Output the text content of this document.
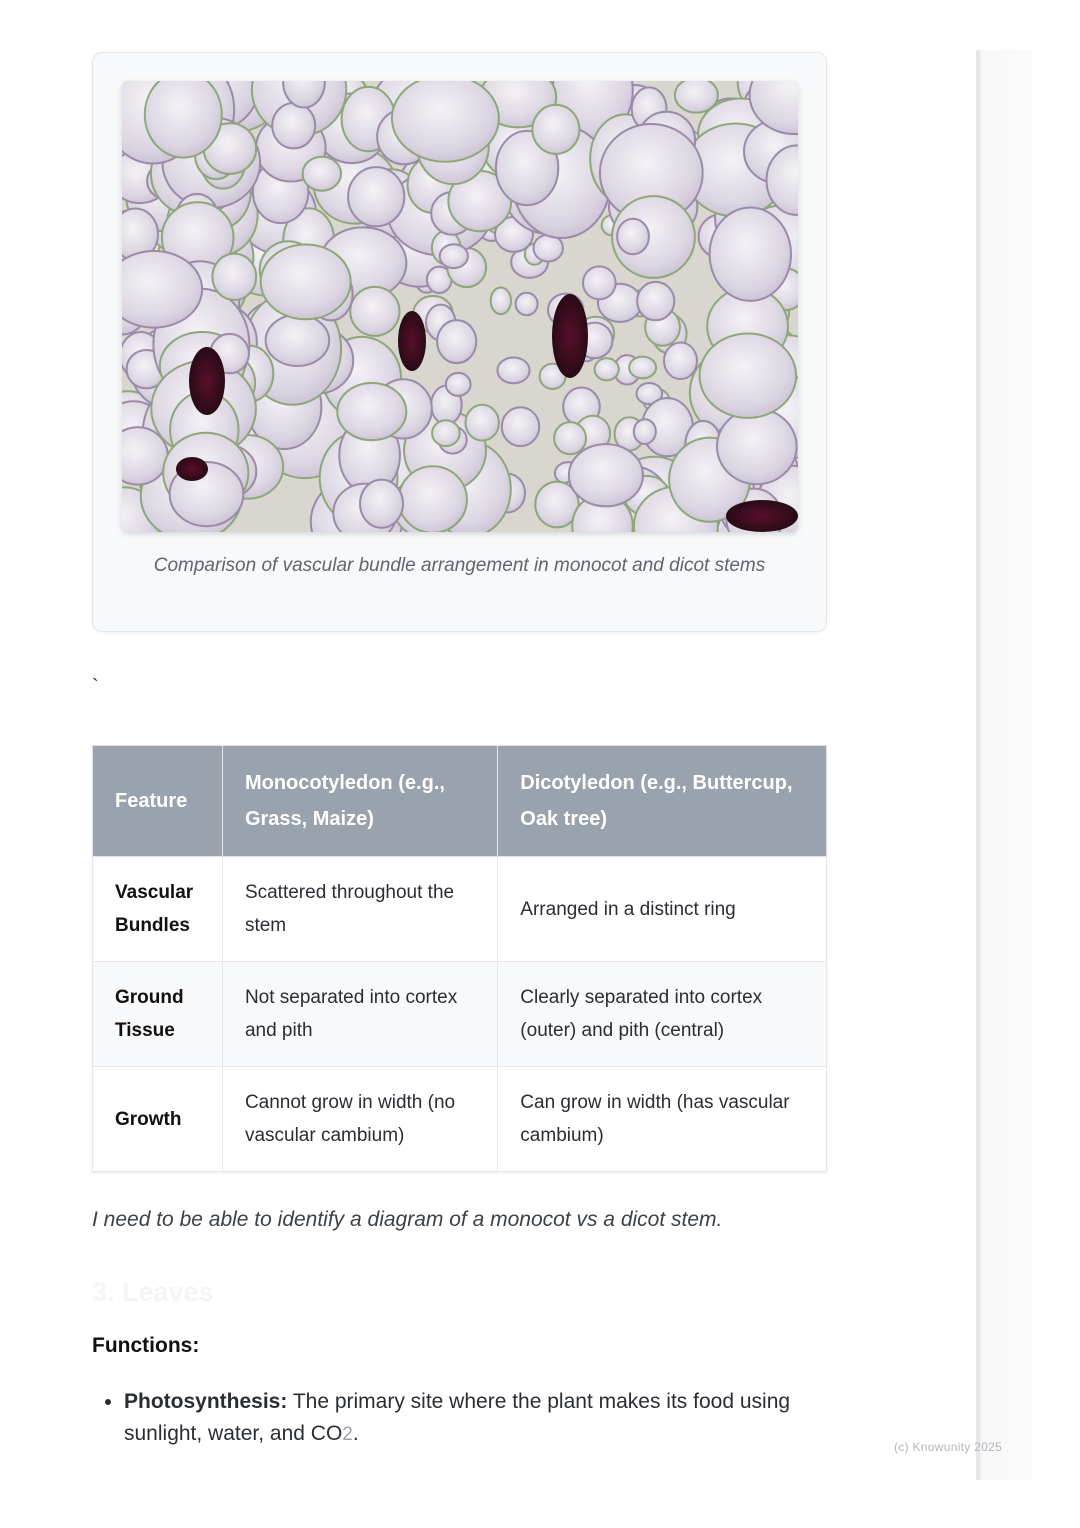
Comparison of vascular bundle arrangement in monocot and dicot stems
`
Feature	Monocotyledon (e.g., Grass, Maize)	Dicotyledon (e.g., Buttercup, Oak tree)
Vascular Bundles	Scattered throughout the stem	Arranged in a distinct ring
Ground Tissue	Not separated into cortex and pith	Clearly separated into cortex (outer) and pith (central)
Growth	Cannot grow in width (no vascular cambium)	Can grow in width (has vascular cambium)
I need to be able to identify a diagram of a monocot vs a dicot stem.
3. Leaves
Functions:
• Photosynthesis: The primary site where the plant makes its food using sunlight, water, and CO2.
(c) Knowunity 2025
